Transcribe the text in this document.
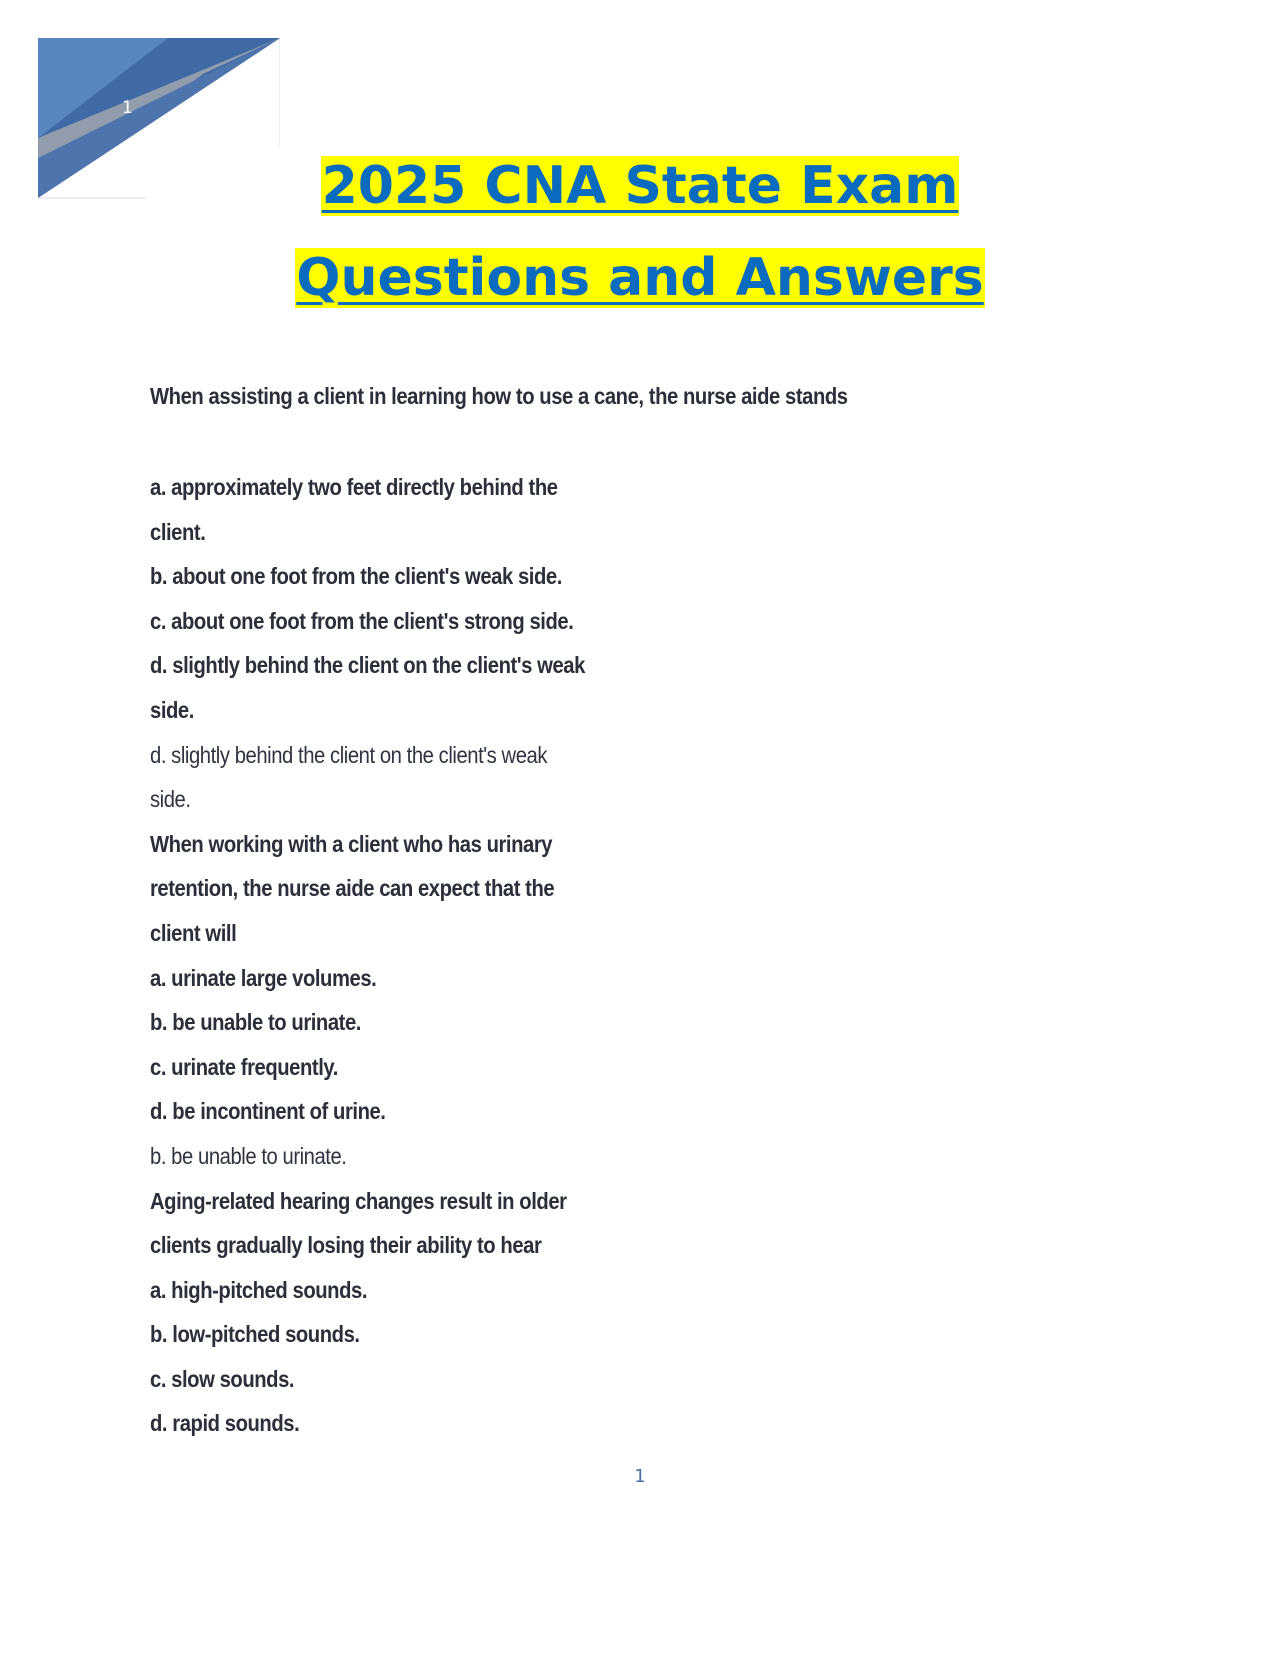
1
2025 CNA State Exam
Questions and Answers
When assisting a client in learning how to use a cane, the nurse aide stands
a. approximately two feet directly behind the
client.
b. about one foot from the client's weak side.
c. about one foot from the client's strong side.
d. slightly behind the client on the client's weak
side.
d. slightly behind the client on the client's weak
side.
When working with a client who has urinary
retention, the nurse aide can expect that the
client will
a. urinate large volumes.
b. be unable to urinate.
c. urinate frequently.
d. be incontinent of urine.
b. be unable to urinate.
Aging-related hearing changes result in older
clients gradually losing their ability to hear
a. high-pitched sounds.
b. low-pitched sounds.
c. slow sounds.
d. rapid sounds.
1
